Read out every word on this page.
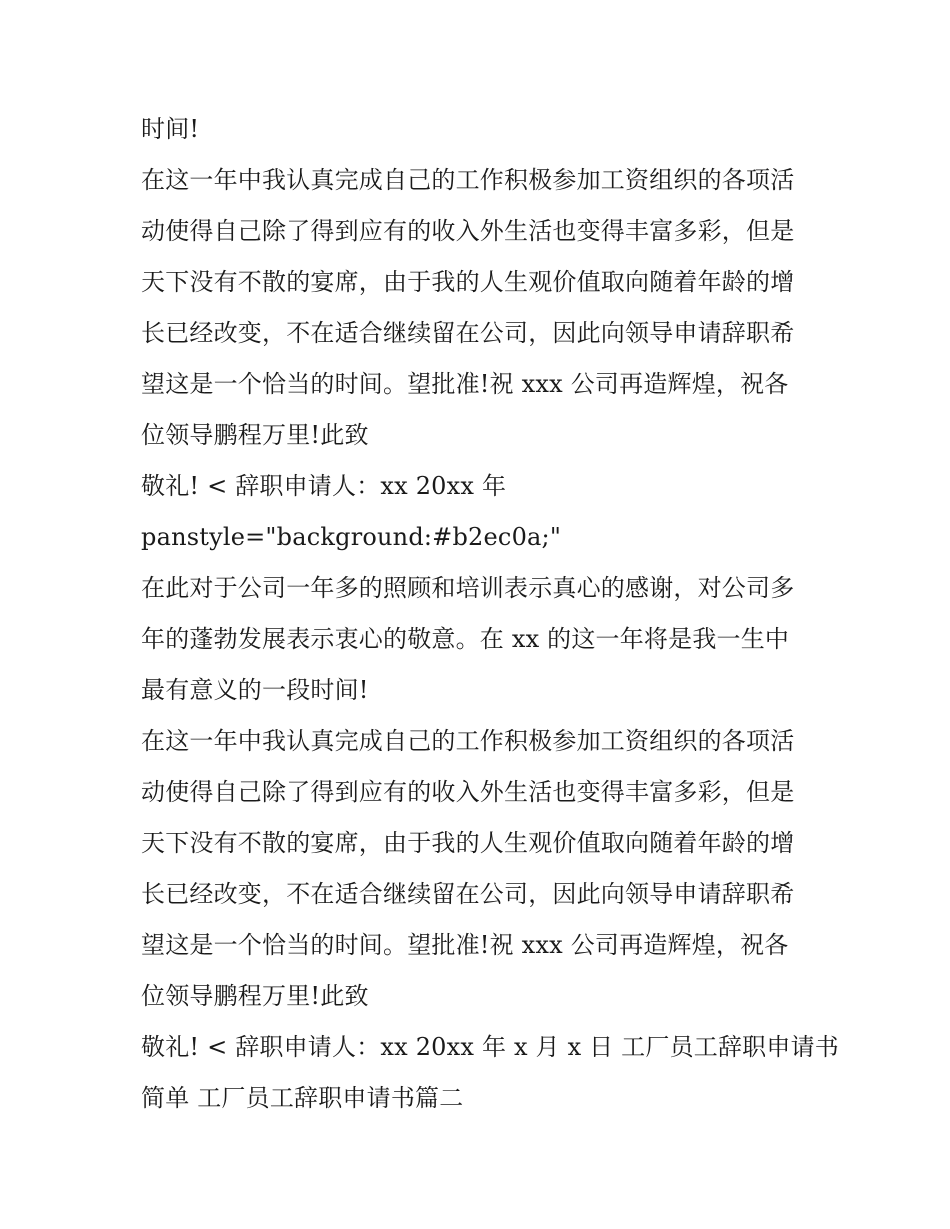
时间!
在这一年中我认真完成自己的工作积极参加工资组织的各项活
动使得自己除了得到应有的收入外生活也变得丰富多彩，但是
天下没有不散的宴席，由于我的人生观价值取向随着年龄的增
长已经改变，不在适合继续留在公司，因此向领导申请辞职希
望这是一个恰当的时间。望批准!祝 xxx 公司再造辉煌，祝各
位领导鹏程万里!此致
敬礼! < 辞职申请人：xx 20xx 年
panstyle="background:#b2ec0a;"
在此对于公司一年多的照顾和培训表示真心的感谢，对公司多
年的蓬勃发展表示衷心的敬意。在 xx 的这一年将是我一生中
最有意义的一段时间!
在这一年中我认真完成自己的工作积极参加工资组织的各项活
动使得自己除了得到应有的收入外生活也变得丰富多彩，但是
天下没有不散的宴席，由于我的人生观价值取向随着年龄的增
长已经改变，不在适合继续留在公司，因此向领导申请辞职希
望这是一个恰当的时间。望批准!祝 xxx 公司再造辉煌，祝各
位领导鹏程万里!此致
敬礼! < 辞职申请人：xx 20xx 年 x 月 x 日 工厂员工辞职申请书
简单 工厂员工辞职申请书篇二
